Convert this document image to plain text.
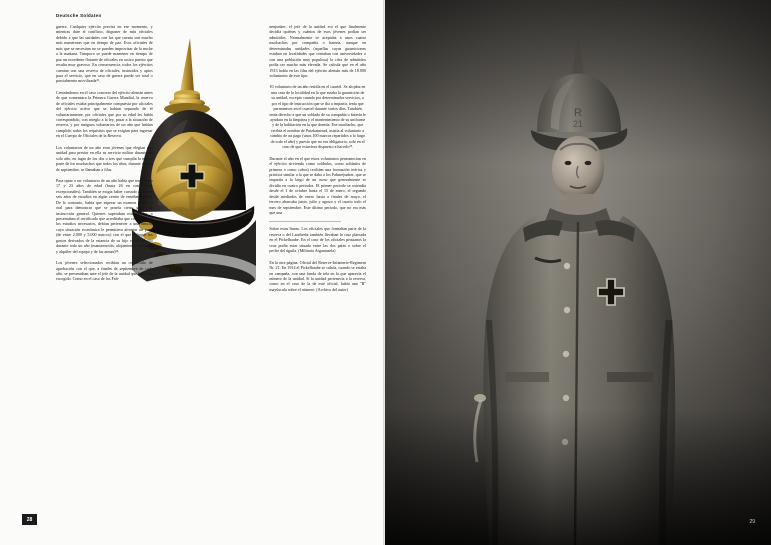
Deutsche Soldaten

guerra. Cualquier ejército precisa en ese momento, y mientras dure el conflicto, disponer de más oficiales debido a que las unidades con las que cuenta son mucho más numerosas que en tiempo de paz. Esos oficiales de más que se necesitan no se pueden improvisar de la noche a la mañana. Tampoco se puede mantener en tiempo de paz un excedente flotante de oficiales en activo puesto que resulta muy gravoso. En consecuencia, todos los ejércitos cuentan con una reserva de oficiales, instruidos y aptos para el servicio, que en caso de guerra puede ser total o parcialmente movilizada²³.

Centrándonos en el caso concreto del ejército alemán antes de que comenzara la Primera Guerra Mundial, la reserva de oficiales estaba principalmente compuesta por oficiales del ejército activo que se habían separado de él voluntariamente, por oficiales que por su edad les había correspondido, con arreglo a la ley, pasar a la situación de reserva, y por antiguos voluntarios de un año que habían cumplido todos los requisitos que se exigían para ingresar en el Cuerpo de Oficiales de la Reserva.

Los voluntarios de un año eran jóvenes que elegían una unidad para prestar en ella su servicio militar durante un solo año, en lugar de los dos o tres que cumplía la mayor parte de los muchachos que todos los años, durante el mes de septiembre, se llamaban a filas.

Para optar a ser voluntario de un año había que tener entre 17 y 23 años de edad (hasta 26 en casos muy excepcionales). También se exigía haber cursado al menos seis años de estudios en algún centro de enseñanza civil. De lo contrario, había que superar un examen escrito y oral para demostrar que se poseía cierto grado de instrucción general. Quienes superaban esta prueba, o presentaban el certificado que acreditaba que contaban con los estudios necesarios, debían pertenecer a una familia cuya situación económica le permitiera afrontar un pago (de entre 2.000 y 5.000 marcos) con el que sufragar los gastos derivados de la estancia de su hijo en el ejército durante todo un año (manutención, alojamiento, vestuario y alquiler del equipo y de las armas)²⁴.

Los jóvenes seleccionados recibían un certificado de aprobación con el que, a finales de septiembre de cada año, se presentaban ante el jefe de la unidad que hubieran escogido. Como en el caso de los Fah-

nenjunker, el jefe de la unidad era el que finalmente decidía quiénes y cuántos de esos jóvenes podían ser admitidos. Normalmente se aceptaba a unos cuatro muchachos por compañía o batería, aunque en determinadas unidades (aquellas cuyas guarniciones estaban en localidades que contaban con universidades o con una población muy populosa) la cifra de admitidos podía ser mucho más elevada. Se calcula que en el año 1913 había en las filas del ejército alemán más de 18.000 voluntarios de este tipo.

El voluntario de un año residía en el cuartel. Se alojaba en una casa de la localidad en la que estaba la guarnición de su unidad, excepto cuando por determinados servicios, o por el tipo de instrucción que se iba a impartir, tenía que permanecer en el cuartel durante varios días. También tenía derecho a que un soldado de su compañía o batería le ayudara en la limpieza y el mantenimiento de su uniforme y de la habitación en la que dormía. Ese muchacho, que recibía el nombre de Putzkamerad, asistía al voluntario a cambio de un pago (unos 100 marcos repartidos a lo largo de todo el año) y puesto que no era obligatorio, solo en el caso de que estuviera dispuesto a hacerlo²⁵.

Durante el año en el que estos voluntarios permanecían en el ejército sirviendo como soldados, como soldados de primera o como cabos) recibían una formación teórica y práctica similar a la que se daba a los Fahnrejunker, que se impartía a lo largo de un curso que generalmente se dividía en cuatro periodos. El primer periodo se extendía desde el 1 de octubre hasta el 15 de enero, el segundo desde mediados de enero hasta a finales de mayo, el tercero abarcaba junio, julio y agosto y el cuarto todo el mes de septiembre. Este último periodo, que no era más que una

Sobre estas líneas. Los oficiales que formaban parte de la reserva o del Landwehr también llevaban la cruz plateada en el Pickelhaube. En el caso de los oficiales prusianos la cruz podía estar situada entre las dos patas o sobre el pecho del águila. (Militaria Argantasela)

En la otra página. Oficial del Reserve-Infanterie-Regiment Nr. 21. En 1914 el Pickelhaube se cubría, cuando se estaba en campaña, con una funda de tela en la que aparecía el número de la unidad. Si la unidad pertenecía a la reserva, como en el caso de la de este oficial, había una "R" mayúscula sobre el número. (Archivo del autor)

28	29
